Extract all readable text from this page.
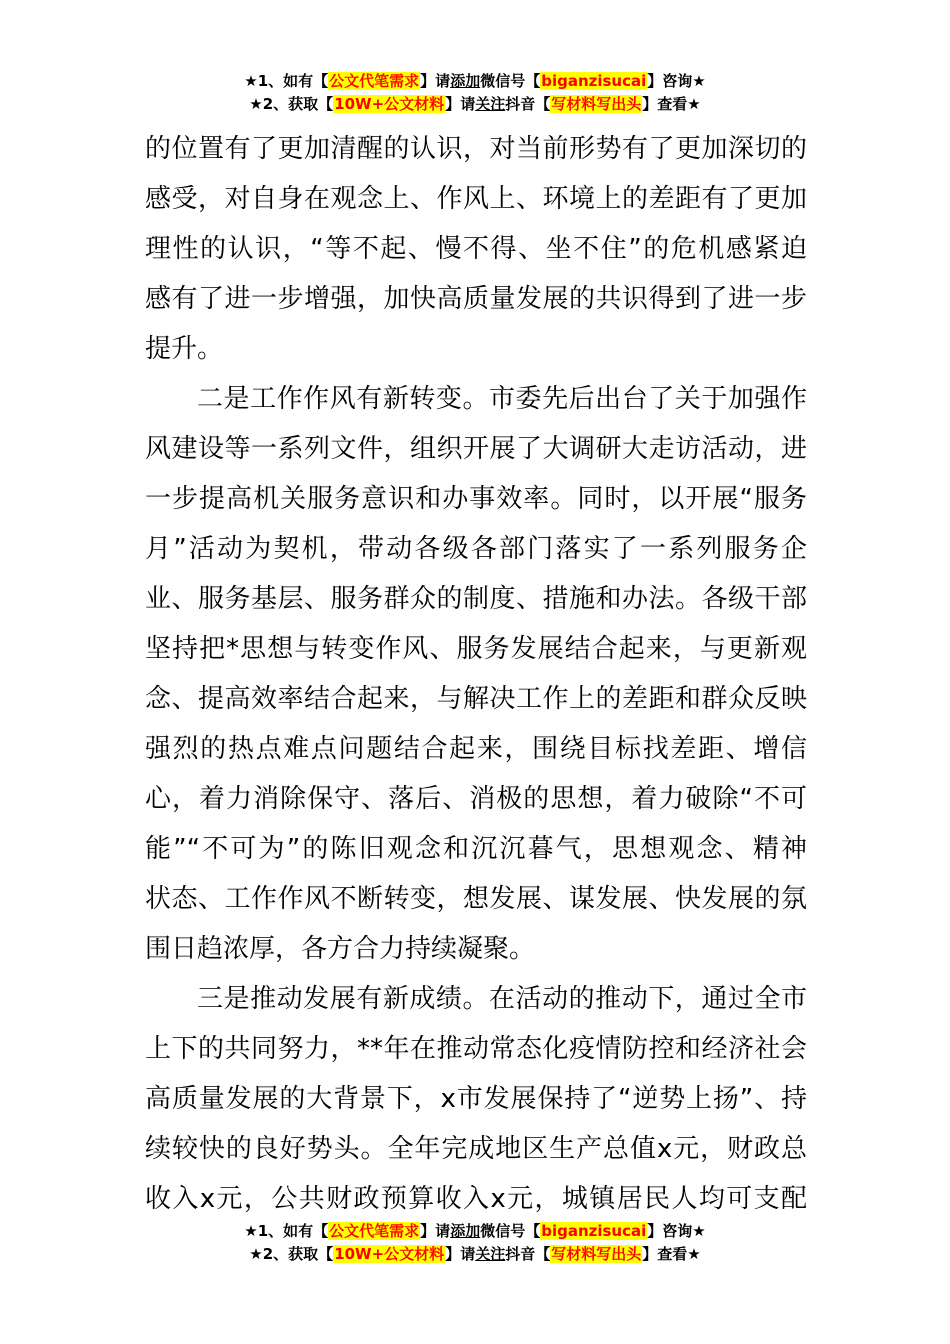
★1、如有【公文代笔需求】请添加微信号【biganzisucai】咨询★
★2、获取【10W+公文材料】请关注抖音【写材料写出头】查看★
的位置有了更加清醒的认识，对当前形势有了更加深切的
感受，对自身在观念上、作风上、环境上的差距有了更加
理性的认识，“等不起、慢不得、坐不住”的危机感紧迫
感有了进一步增强，加快高质量发展的共识得到了进一步
提升。
二是工作作风有新转变。市委先后出台了关于加强作
风建设等一系列文件，组织开展了大调研大走访活动，进
一步提高机关服务意识和办事效率。同时，以开展“服务
月”活动为契机，带动各级各部门落实了一系列服务企
业、服务基层、服务群众的制度、措施和办法。各级干部
坚持把*思想与转变作风、服务发展结合起来，与更新观
念、提高效率结合起来，与解决工作上的差距和群众反映
强烈的热点难点问题结合起来，围绕目标找差距、增信
心，着力消除保守、落后、消极的思想，着力破除“不可
能”“不可为”的陈旧观念和沉沉暮气，思想观念、精神
状态、工作作风不断转变，想发展、谋发展、快发展的氛
围日趋浓厚，各方合力持续凝聚。
三是推动发展有新成绩。在活动的推动下，通过全市
上下的共同努力，**年在推动常态化疫情防控和经济社会
高质量发展的大背景下，x市发展保持了“逆势上扬”、持
续较快的良好势头。全年完成地区生产总值x元，财政总
收入x元，公共财政预算收入x元，城镇居民人均可支配
★1、如有【公文代笔需求】请添加微信号【biganzisucai】咨询★
★2、获取【10W+公文材料】请关注抖音【写材料写出头】查看★
